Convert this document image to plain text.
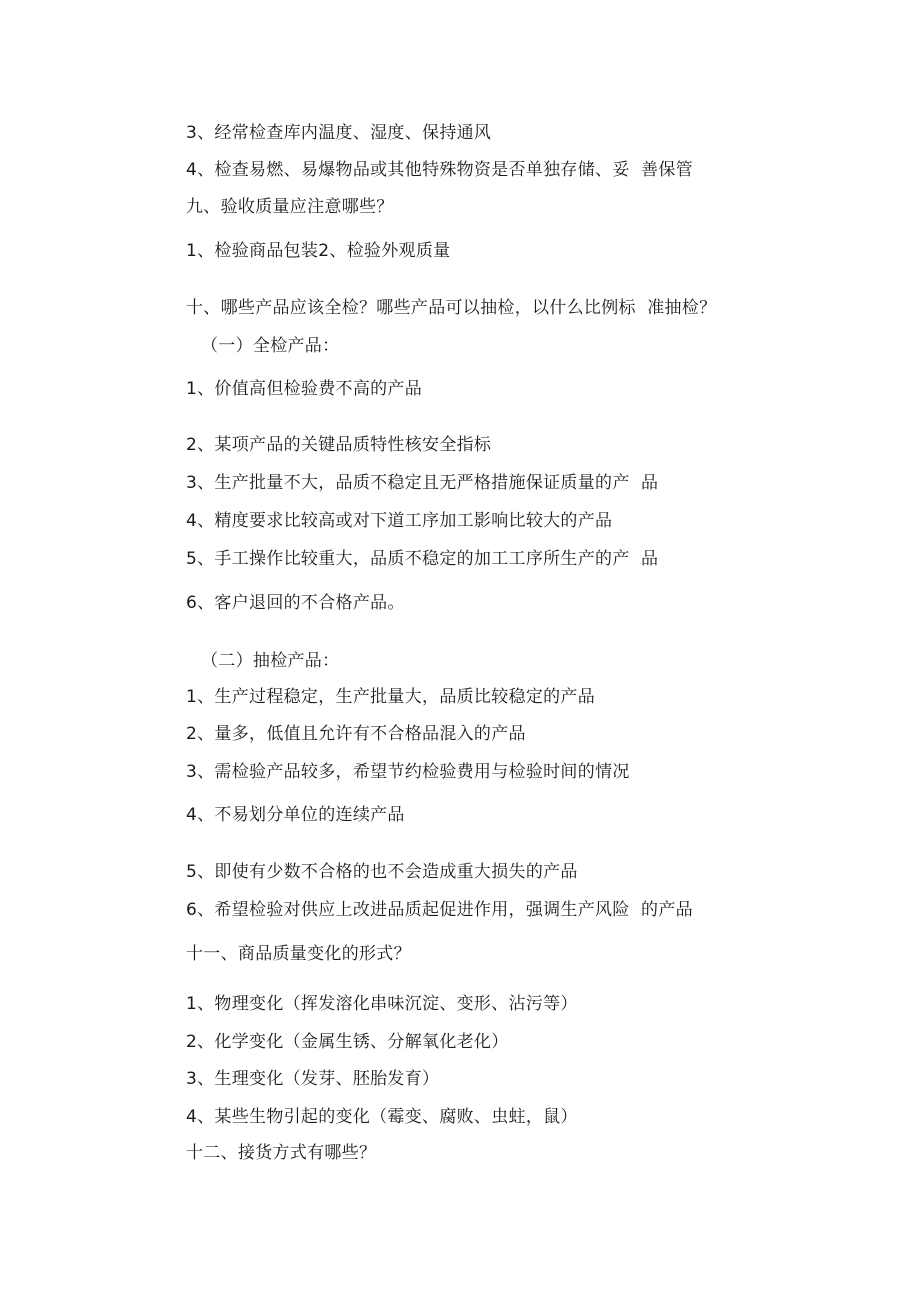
3、经常检查库内温度、湿度、保持通风
4、检查易燃、易爆物品或其他特殊物资是否单独存储、妥  善保管
九、验收质量应注意哪些？
1、检验商品包装2、检验外观质量
十、哪些产品应该全检？哪些产品可以抽检，以什么比例标  准抽检？
（一）全检产品：
1、价值高但检验费不高的产品
2、某项产品的关键品质特性核安全指标
3、生产批量不大，品质不稳定且无严格措施保证质量的产  品
4、精度要求比较高或对下道工序加工影响比较大的产品
5、手工操作比较重大，品质不稳定的加工工序所生产的产  品
6、客户退回的不合格产品。
（二）抽检产品：
1、生产过程稳定，生产批量大，品质比较稳定的产品
2、量多，低值且允许有不合格品混入的产品
3、需检验产品较多，希望节约检验费用与检验时间的情况
4、不易划分单位的连续产品
5、即使有少数不合格的也不会造成重大损失的产品
6、希望检验对供应上改进品质起促进作用，强调生产风险  的产品
十一、商品质量变化的形式？
1、物理变化（挥发溶化串味沉淀、变形、沾污等）
2、化学变化（金属生锈、分解氧化老化）
3、生理变化（发芽、胚胎发育）
4、某些生物引起的变化（霉变、腐败、虫蛀，鼠）
十二、接货方式有哪些？
